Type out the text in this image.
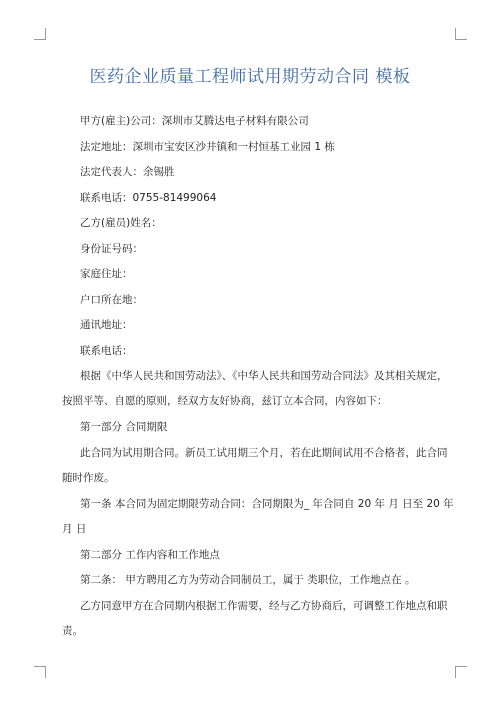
医药企业质量工程师试用期劳动合同 模板
甲方(雇主)公司：深圳市艾腾达电子材料有限公司
法定地址：深圳市宝安区沙井镇和一村恒基工业园 1 栋
法定代表人：余锡胜
联系电话：0755-81499064
乙方(雇员)姓名：
身份证号码：
家庭住址：
户口所在地：
通讯地址：
联系电话：
根据《中华人民共和国劳动法》、《中华人民共和国劳动合同法》及其相关规定，
按照平等、自愿的原则，经双方友好协商，兹订立本合同，内容如下：
第一部分 合同期限
此合同为试用期合同。新员工试用期三个月，若在此期间试用不合格者，此合同
随时作废。
第一条 本合同为固定期限劳动合同：合同期限为_ 年合同自 20 年 月 日至 20 年
月 日
第二部分 工作内容和工作地点
第二条： 甲方聘用乙方为劳动合同制员工，属于 类职位，工作地点在 。
乙方同意甲方在合同期内根据工作需要，经与乙方协商后，可调整工作地点和职
责。
